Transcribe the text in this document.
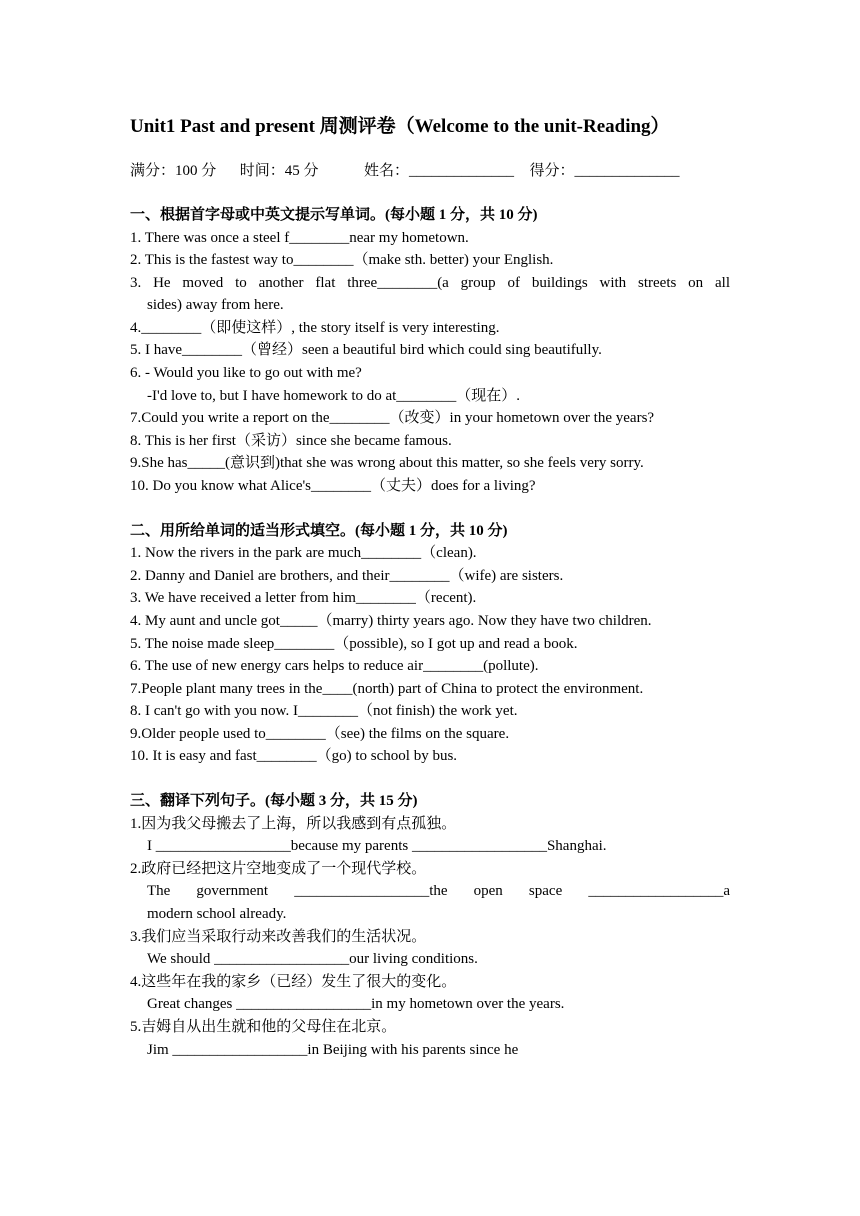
Unit1 Past and present 周测评卷（Welcome to the unit-Reading）
满分：100 分 时间：45 分	姓名：______________ 得分：______________
一、根据首字母或中英文提示写单词。(每小题 1 分，共 10 分)
1. There was once a steel f________near my hometown.
2. This is the fastest way to________（make sth. better) your English.
3. He moved to another flat three________(a group of buildings with streets on all
sides) away from here.
4.________（即使这样）, the story itself is very interesting.
5. I have________（曾经）seen a beautiful bird which could sing beautifully.
6. - Would you like to go out with me?
-I'd love to, but I have homework to do at________（现在）.
7.Could you write a report on the________（改变）in your hometown over the years?
8. This is her first（采访）since she became famous.
9.She has_____(意识到)that she was wrong about this matter, so she feels very sorry.
10. Do you know what Alice's________（丈夫）does for a living?
二、用所给单词的适当形式填空。(每小题 1 分，共 10 分)
1. Now the rivers in the park are much________（clean).
2. Danny and Daniel are brothers, and their________（wife) are sisters.
3. We have received a letter from him________（recent).
4. My aunt and uncle got_____（marry) thirty years ago. Now they have two children.
5. The noise made sleep________（possible), so I got up and read a book.
6. The use of new energy cars helps to reduce air________(pollute).
7.People plant many trees in the____(north) part of China to protect the environment.
8. I can't go with you now. I________（not finish) the work yet.
9.Older people used to________（see) the films on the square.
10. It is easy and fast________（go) to school by bus.
三、翻译下列句子。(每小题 3 分，共 15 分)
1.因为我父母搬去了上海，所以我感到有点孤独。
I __________________because my parents __________________Shanghai.
2.政府已经把这片空地变成了一个现代学校。
The government __________________the open space __________________a
modern school already.
3.我们应当采取行动来改善我们的生活状况。
We should __________________our living conditions.
4.这些年在我的家乡（已经）发生了很大的变化。
Great changes __________________in my hometown over the years.
5.吉姆自从出生就和他的父母住在北京。
Jim __________________in Beijing with his parents since he
